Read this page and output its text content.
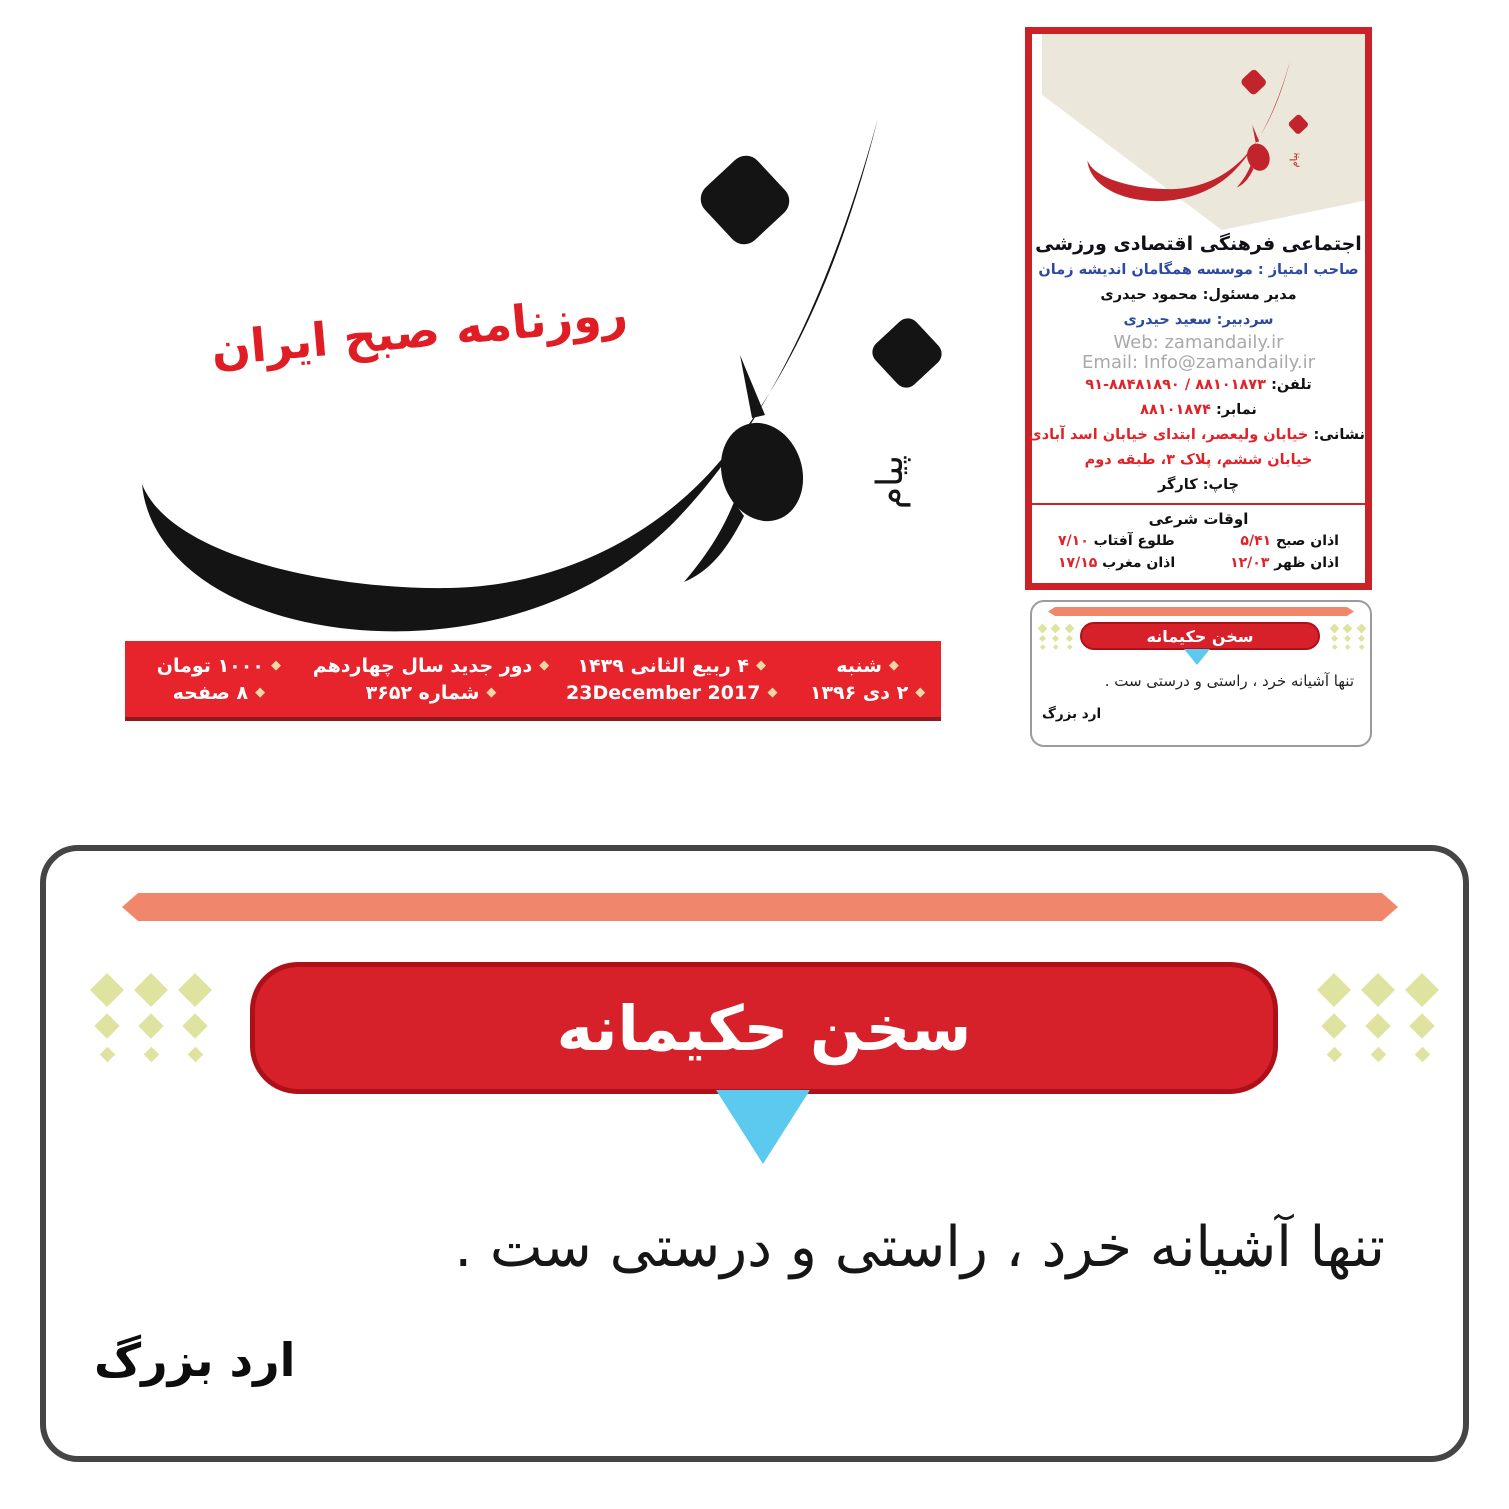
روزنامه صبح ایران
◆
شنبه
◆
۲ دی ۱۳۹۶
◆
۴ ربیع الثانی ۱۴۳۹
◆
23December 2017
◆
دور جدید سال چهاردهم
◆
شماره ۳۶۵۲
◆
۱۰۰۰ تومان
◆
۸ صفحه
اجتماعی فرهنگی اقتصادی ورزشی
صاحب امتیاز : موسسه همگامان اندیشه زمان
مدیر مسئول: محمود حیدری
سردبیر: سعید حیدری
Web: zamandaily.ir
Email: Info@zamandaily.ir
تلفن: ۸۸۱۰۱۸۷۳ / ۸۸۴۸۱۸۹۰-۹۱
نمابر: ۸۸۱۰۱۸۷۴
نشانی: خیابان ولیعصر، ابتدای خیابان اسد آبادی
خیابان ششم، پلاک ۳، طبقه دوم
چاپ: کارگر
اوقات شرعی
اذان صبح ۵/۴۱
طلوع آفتاب ۷/۱۰
اذان ظهر ۱۲/۰۳
اذان مغرب ۱۷/۱۵
سخن حکیمانه
تنها آشیانه خرد ، راستی و درستی ست .
ارد بزرگ
سخن حکیمانه
تنها آشیانه خرد ، راستی و درستی ست .
ارد بزرگ
